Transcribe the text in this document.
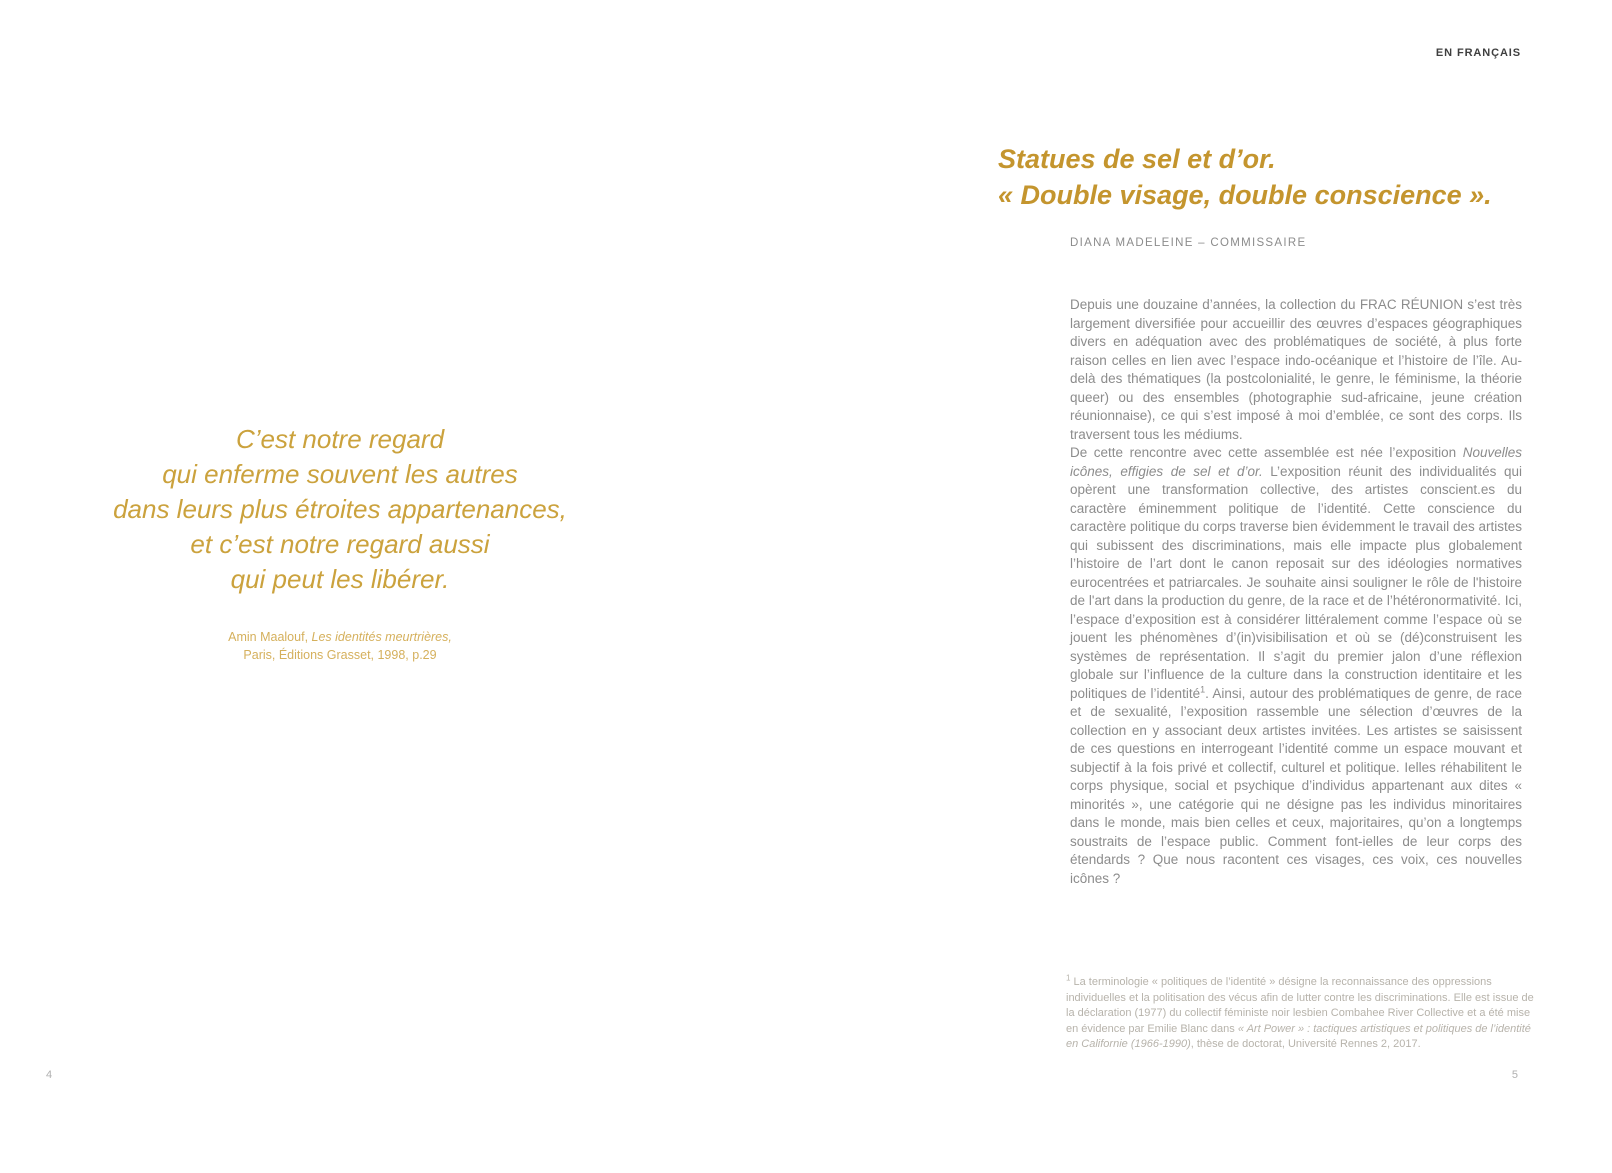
EN FRANÇAIS
C’est notre regard
qui enferme souvent les autres
dans leurs plus étroites appartenances,
et c’est notre regard aussi
qui peut les libérer.
Amin Maalouf, Les identités meurtrières,
Paris, Éditions Grasset, 1998, p.29
4
Statues de sel et d’or.
« Double visage, double conscience ».
DIANA MADELEINE – COMMISSAIRE

Depuis une douzaine d’années, la collection du FRAC RÉUNION s’est très largement diversifiée pour accueillir des œuvres d’espaces géographiques divers en adéquation avec des problématiques de société, à plus forte raison celles en lien avec l’espace indo-océanique et l’histoire de l’île. Au-delà des thématiques (la postcolonialité, le genre, le féminisme, la théorie queer) ou des ensembles (photographie sud-africaine, jeune création réunionnaise), ce qui s’est imposé à moi d’emblée, ce sont des corps. Ils traversent tous les médiums.

De cette rencontre avec cette assemblée est née l’exposition Nouvelles icônes, effigies de sel et d’or. L’exposition réunit des individualités qui opèrent une transformation collective, des artistes conscient.es du caractère éminemment politique de l’identité. Cette conscience du caractère politique du corps traverse bien évidemment le travail des artistes qui subissent des discriminations, mais elle impacte plus globalement l’histoire de l’art dont le canon reposait sur des idéologies normatives eurocentrées et patriarcales. Je souhaite ainsi souligner le rôle de l'histoire de l'art dans la production du genre, de la race et de l’hétéronormativité. Ici, l’espace d’exposition est à considérer littéralement comme l’espace où se jouent les phénomènes d’(in)visibilisation et où se (dé)construisent les systèmes de représentation. Il s’agit du premier jalon d’une réflexion globale sur l’influence de la culture dans la construction identitaire et les politiques de l’identité$^1$. Ainsi, autour des problématiques de genre, de race et de sexualité, l’exposition rassemble une sélection d’œuvres de la collection en y associant deux artistes invitées. Les artistes se saisissent de ces questions en interrogeant l’identité comme un espace mouvant et subjectif à la fois privé et collectif, culturel et politique. Ielles réhabilitent le corps physique, social et psychique d’individus appartenant aux dites « minorités », une catégorie qui ne désigne pas les individus minoritaires dans le monde, mais bien celles et ceux, majoritaires, qu’on a longtemps soustraits de l’espace public. Comment font-ielles de leur corps des étendards ? Que nous racontent ces visages, ces voix, ces nouvelles icônes ?

$^1$ La terminologie « politiques de l’identité » désigne la reconnaissance des oppressions individuelles et la politisation des vécus afin de lutter contre les discriminations. Elle est issue de la déclaration (1977) du collectif féministe noir lesbien Combahee River Collective et a été mise en évidence par Emilie Blanc dans « Art Power » : tactiques artistiques et politiques de l’identité en Californie (1966-1990), thèse de doctorat, Université Rennes 2, 2017.
5
